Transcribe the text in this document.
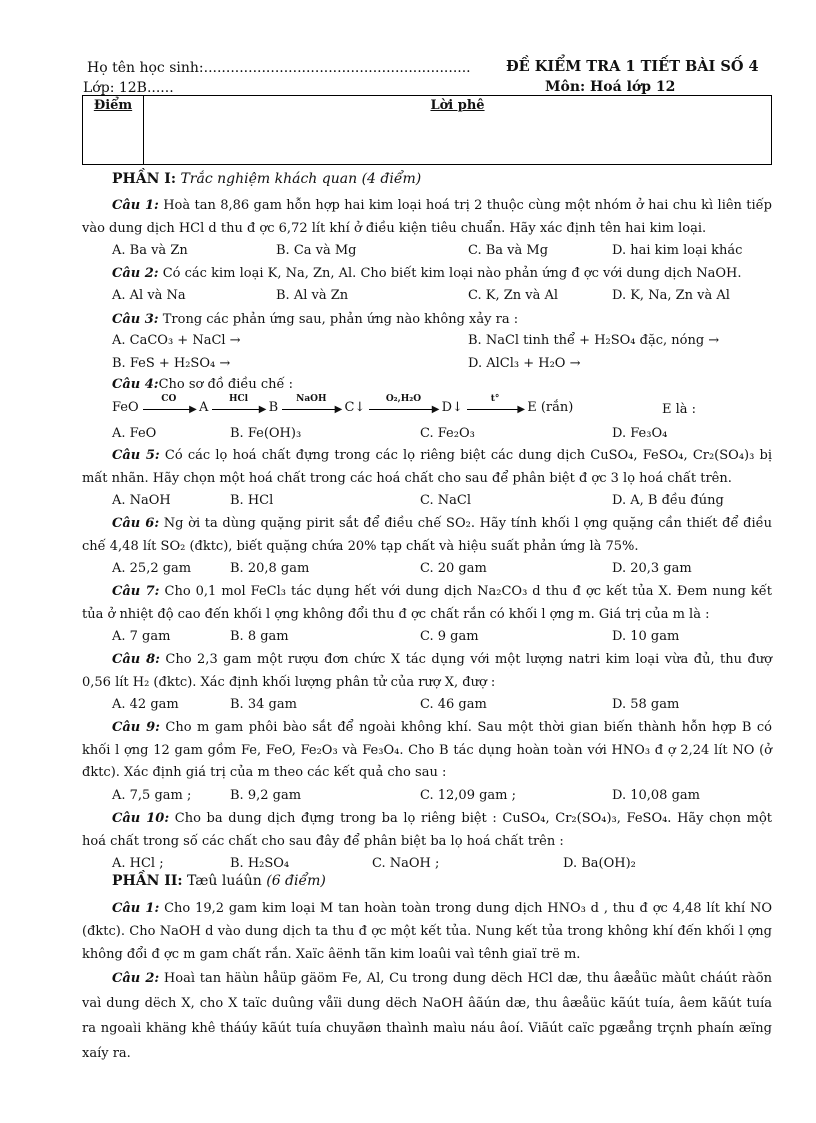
Họ tên học sinh:............................................................ ĐỀ KIỂM TRA 1 TIẾT BÀI SỐ 4
Lớp: 12B......	Môn: Hoá lớp 12
Điểm	Lời phê
PHẦN I: Trắc nghiệm khách quan (4 điểm)
Câu 1: Hoà tan 8,86 gam hỗn hợp hai kim loại hoá trị 2 thuộc cùng một nhóm ở hai chu kì liên tiếp vào dung dịch HCl d thu đ ợc 6,72 lít khí ở điều kiện tiêu chuẩn. Hãy xác định tên hai kim loại.
A. Ba và Zn	B. Ca và Mg	C. Ba và Mg	D. hai kim loại khác
Câu 2: Có các kim loại K, Na, Zn, Al. Cho biết kim loại nào phản ứng đ ợc với dung dịch NaOH.
A. Al và Na	B. Al và Zn	C. K, Zn và Al	D. K, Na, Zn và Al
Câu 3: Trong các phản ứng sau, phản ứng nào không xảy ra :
A. CaCO₃ + NaCl →	B. NaCl tinh thể + H₂SO₄ đặc, nóng →
B. FeS + H₂SO₄ →	D. AlCl₃ + H₂O →
Câu 4:Cho sơ đồ điều chế :
FeO
CO
▶ A
HCl
▶ B
NaOH
▶ C↓
O₂,H₂O
▶ D↓
t°
▶ E (rắn)	E là :
A. FeO	B. Fe(OH)₃	C. Fe₂O₃	D. Fe₃O₄
Câu 5: Có các lọ hoá chất đựng trong các lọ riêng biệt các dung dịch CuSO₄, FeSO₄, Cr₂(SO₄)₃ bị mất nhãn. Hãy chọn một hoá chất trong các hoá chất cho sau để phân biệt đ ợc 3 lọ hoá chất trên.
A. NaOH	B. HCl	C. NaCl	D. A, B đều đúng
Câu 6: Ng ời ta dùng quặng pirit sắt để điều chế SO₂. Hãy tính khối l ợng quặng cần thiết để điều chế 4,48 lít SO₂ (đktc), biết quặng chứa 20% tạp chất và hiệu suất phản ứng là 75%.
A. 25,2 gam	B. 20,8 gam	C. 20 gam	D. 20,3 gam
Câu 7: Cho 0,1 mol FeCl₃ tác dụng hết với dung dịch Na₂CO₃ d thu đ ợc kết tủa X. Đem nung kết tủa ở nhiệt độ cao đến khối l ợng không đổi thu đ ợc chất rắn có khối l ợng m. Giá trị của m là :
A. 7 gam	B. 8 gam	C. 9 gam	D. 10 gam
Câu 8: Cho 2,3 gam một rượu đơn chức X tác dụng với một lượng natri kim loại vừa đủ, thu đượ 0,56 lít H₂ (đktc). Xác định khối lượng phân tử của rượ X, đượ :
A. 42 gam	B. 34 gam	C. 46 gam	D. 58 gam
Câu 9: Cho m gam phôi bào sắt để ngoài không khí. Sau một thời gian biến thành hỗn hợp B có khối l ợng 12 gam gồm Fe, FeO, Fe₂O₃ và Fe₃O₄. Cho B tác dụng hoàn toàn với HNO₃ đ ợ 2,24 lít NO (ở đktc). Xác định giá trị của m theo các kết quả cho sau :
A. 7,5 gam ;	B. 9,2 gam	C. 12,09 gam ;	D. 10,08 gam
Câu 10: Cho ba dung dịch đựng trong ba lọ riêng biệt : CuSO₄, Cr₂(SO₄)₃, FeSO₄. Hãy chọn một hoá chất trong số các chất cho sau đây để phân biệt ba lọ hoá chất trên :
A. HCl ;	B. H₂SO₄	C. NaOH ;	D. Ba(OH)₂
PHẦN II: Tæû luáûn (6 điểm)
Câu 1: Cho 19,2 gam kim loại M tan hoàn toàn trong dung dịch HNO₃ d , thu đ ợc 4,48 lít khí NO (đktc). Cho NaOH d vào dung dịch ta thu đ ợc một kết tủa. Nung kết tủa trong không khí đến khối l ợng không đổi đ ợc m gam chất rắn. Xaïc âënh tãn kim loaûi vaì tênh giaï trë m.
Câu 2: Hoaì tan häùn håüp gäöm Fe, Al, Cu trong dung dëch HCl dæ, thu âæåüc màût cháút ràõn vaì dung dëch X, cho X taïc duûng våïi dung dëch NaOH âãún dæ, thu âæåüc kãút tuía, âem kãút tuía ra ngoaìi khäng khê tháúy kãút tuía chuyãøn thaình maìu náu âoí. Viãút caïc pgæång trçnh phaín æïng xaíy ra.
